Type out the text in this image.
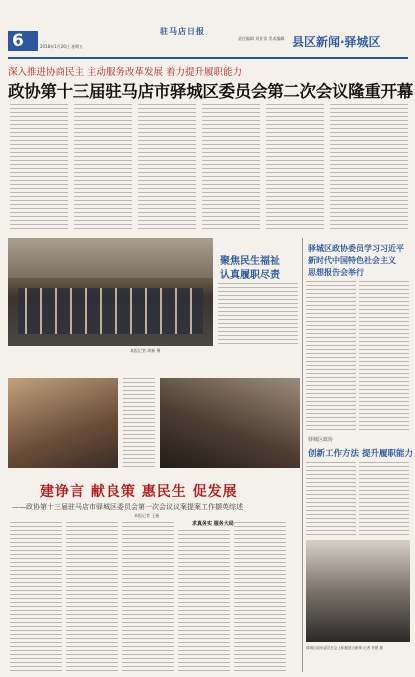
6	2018年1月26日 星期五
驻马店日报
责任编辑 刘亚男 美术编辑 县区新闻·驿城区
深入推进协商民主 主动服务改革发展 着力提升履职能力
政协第十三届驻马店市驿城区委员会第二次会议隆重开幕
本报记者 周新 摄
聚焦民生福祉
认真履职尽责
建诤言 献良策 惠民生 促发展
——政协第十三届驻马店市驿城区委员会第一次会议议案提案工作撷英综述
本报记者 王迪
求真务实 服务大局
驿城区政协委员学习习近平
新时代中国特色社会主义
思想报告会举行
驿城区政协
创新工作方法 提升履职能力
驿城区政协委员在会上积极建言献策 记者 李慧 摄
